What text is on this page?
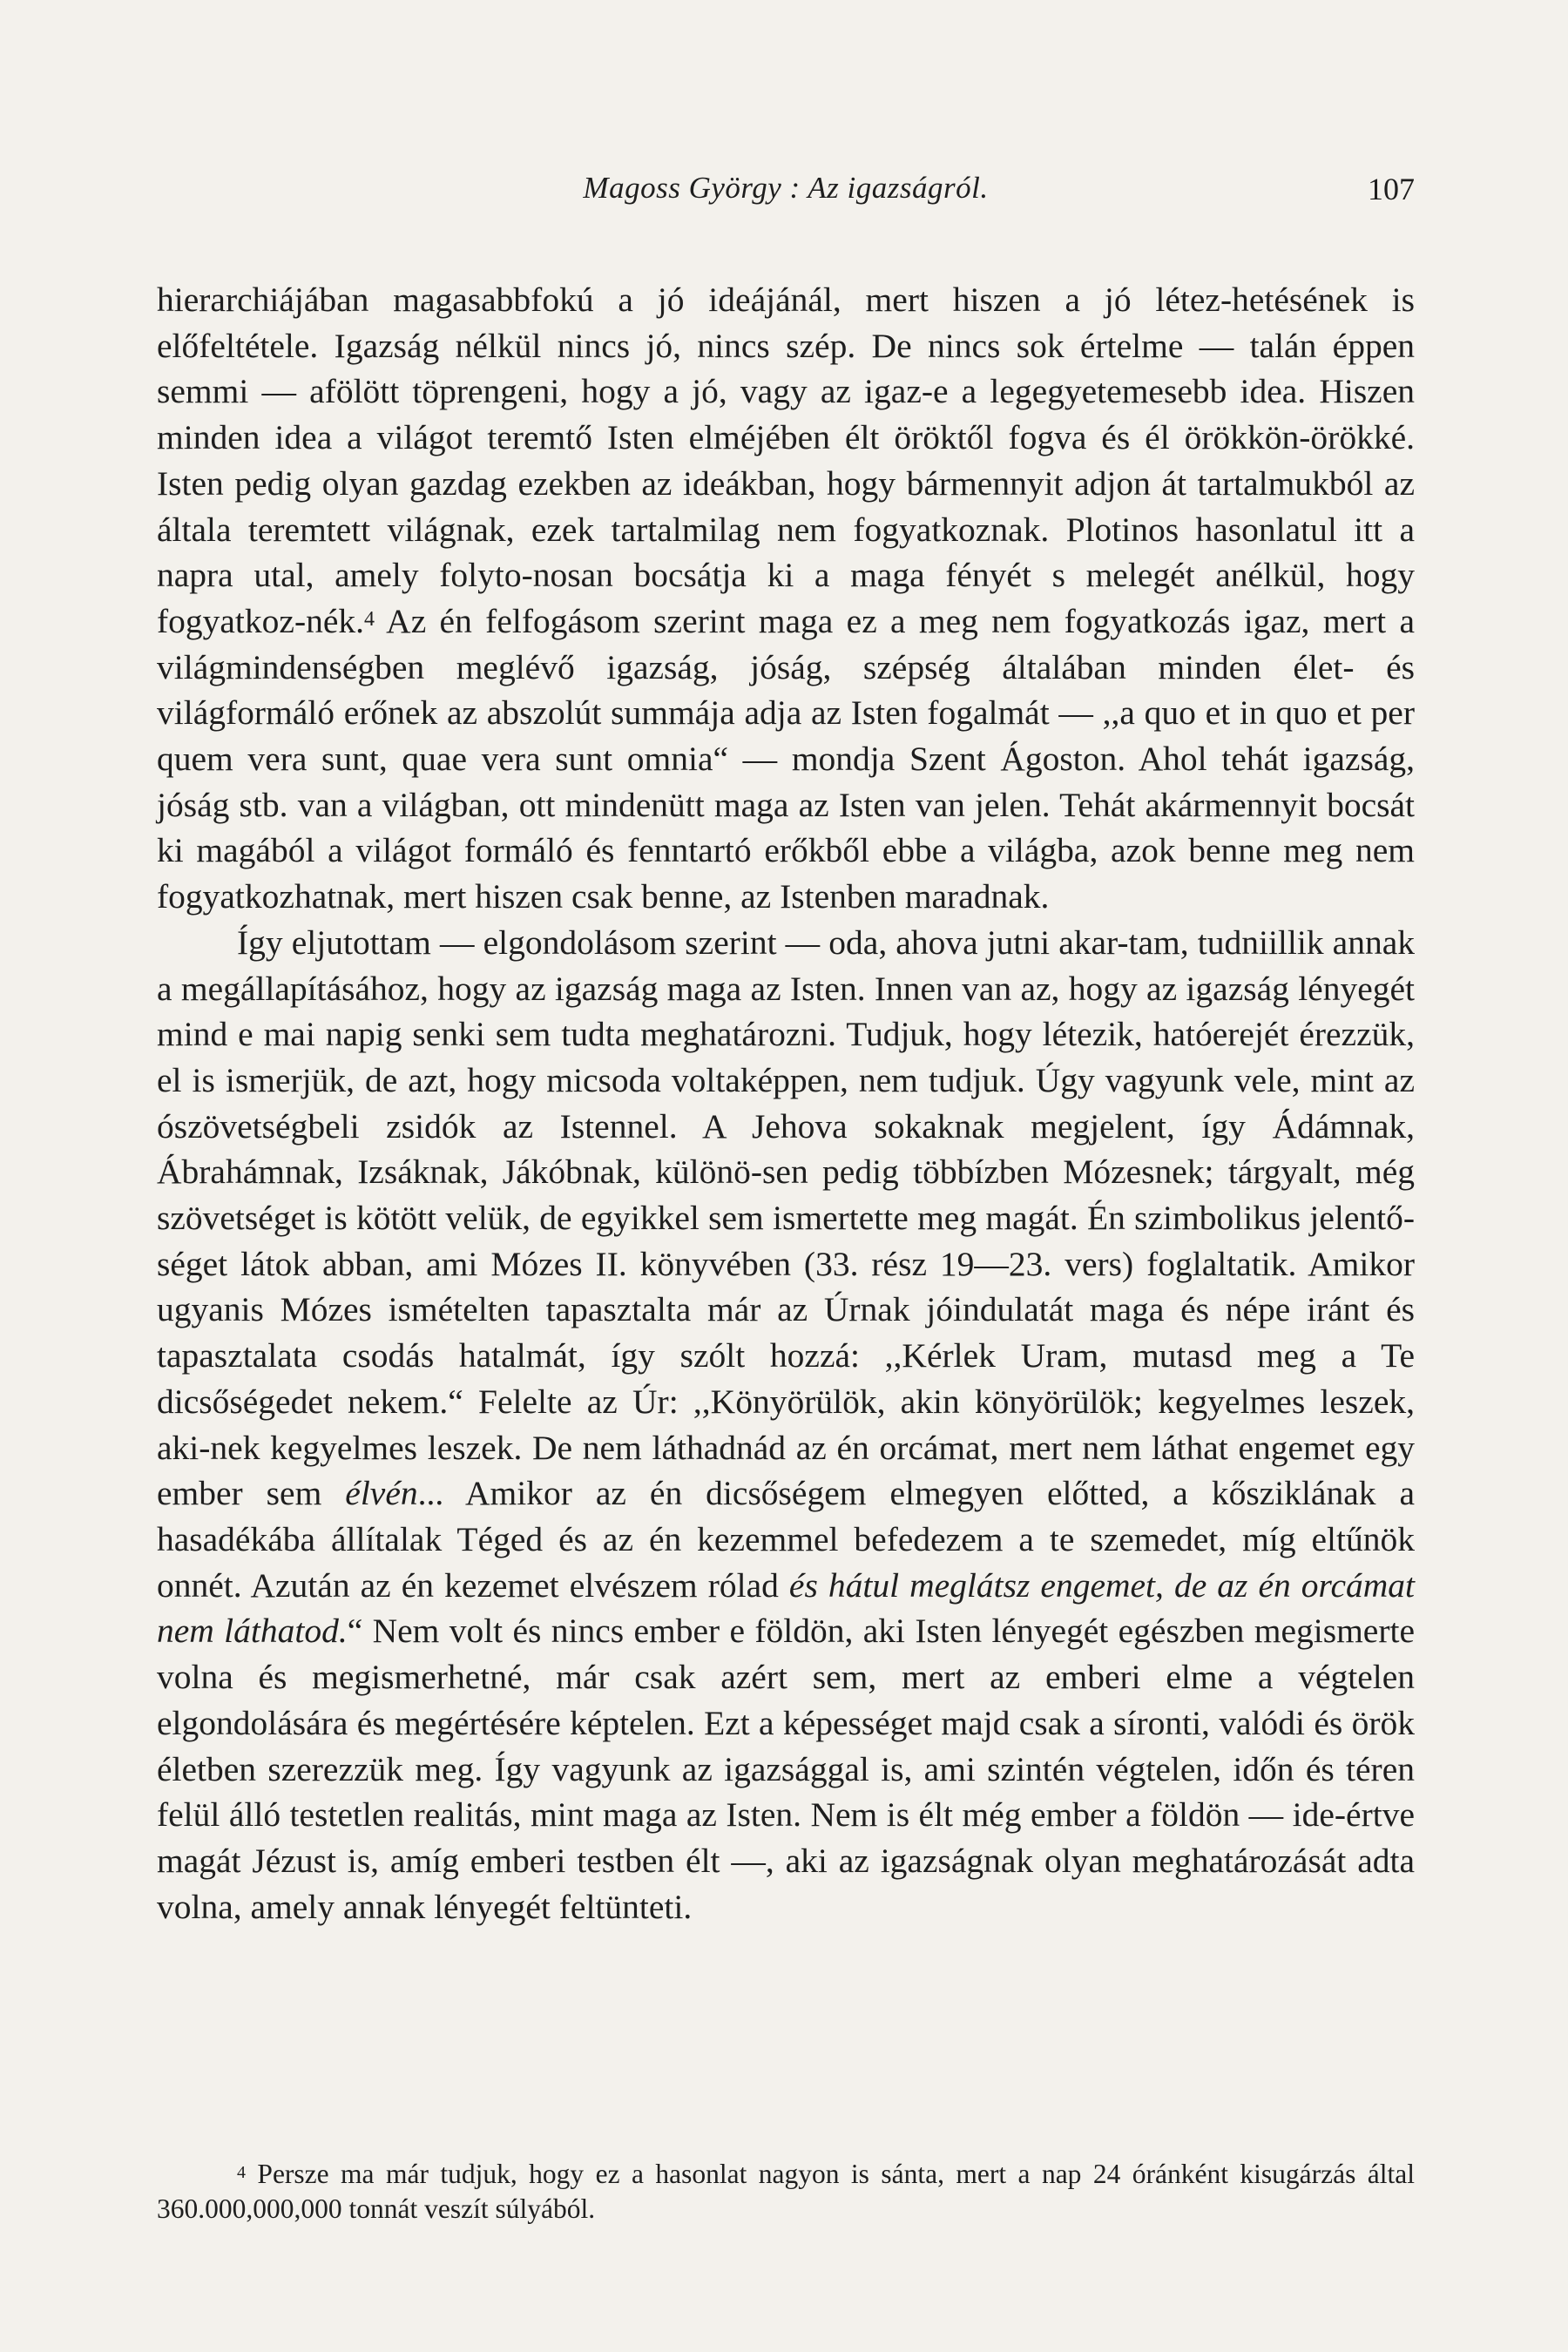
Magoss György : Az igazságról.	107

hierarchiájában magasabbfokú a jó ideájánál, mert hiszen a jó létez-hetésének is előfeltétele. Igazság nélkül nincs jó, nincs szép. De nincs sok értelme — talán éppen semmi — afölött töprengeni, hogy a jó, vagy az igaz-e a legegyetemesebb idea. Hiszen minden idea a világot teremtő Isten elméjében élt öröktől fogva és él örökkön-örökké. Isten pedig olyan gazdag ezekben az ideákban, hogy bármennyit adjon át tartalmukból az általa teremtett világnak, ezek tartalmilag nem fogyatkoznak. Plotinos hasonlatul itt a napra utal, amely folyto-nosan bocsátja ki a maga fényét s melegét anélkül, hogy fogyatkoz-nék.$^4$ Az én felfogásom szerint maga ez a meg nem fogyatkozás igaz, mert a világmindenségben meglévő igazság, jóság, szépség általában minden élet- és világformáló erőnek az abszolút summája adja az Isten fogalmát — ,,a quo et in quo et per quem vera sunt, quae vera sunt omnia“ — mondja Szent Ágoston. Ahol tehát igazság, jóság stb. van a világban, ott mindenütt maga az Isten van jelen. Tehát akármennyit bocsát ki magából a világot formáló és fenntartó erőkből ebbe a világba, azok benne meg nem fogyatkozhatnak, mert hiszen csak benne, az Istenben maradnak.

Így eljutottam — elgondolásom szerint — oda, ahova jutni akar-tam, tudniillik annak a megállapításához, hogy az igazság maga az Isten. Innen van az, hogy az igazság lényegét mind e mai napig senki sem tudta meghatározni. Tudjuk, hogy létezik, hatóerejét érezzük, el is ismerjük, de azt, hogy micsoda voltaképpen, nem tudjuk. Úgy vagyunk vele, mint az ószövetségbeli zsidók az Istennel. A Jehova sokaknak megjelent, így Ádámnak, Ábrahámnak, Izsáknak, Jákóbnak, különö-sen pedig többízben Mózesnek; tárgyalt, még szövetséget is kötött velük, de egyikkel sem ismertette meg magát. Én szimbolikus jelentő-séget látok abban, ami Mózes II. könyvében (33. rész 19—23. vers) foglaltatik. Amikor ugyanis Mózes ismételten tapasztalta már az Úrnak jóindulatát maga és népe iránt és tapasztalata csodás hatalmát, így szólt hozzá: ,,Kérlek Uram, mutasd meg a Te dicsőségedet nekem.“ Felelte az Úr: ,,Könyörülök, akin könyörülök; kegyelmes leszek, aki-nek kegyelmes leszek. De nem láthadnád az én orcámat, mert nem láthat engemet egy ember sem élvén... Amikor az én dicsőségem elmegyen előtted, a kősziklának a hasadékába állítalak Téged és az én kezemmel befedezem a te szemedet, míg eltűnök onnét. Azután az én kezemet elvészem rólad és hátul meglátsz engemet, de az én orcámat nem láthatod.“ Nem volt és nincs ember e földön, aki Isten lényegét egészben megismerte volna és megismerhetné, már csak azért sem, mert az emberi elme a végtelen elgondolására és megértésére képtelen. Ezt a képességet majd csak a síronti, valódi és örök életben szerezzük meg. Így vagyunk az igazsággal is, ami szintén végtelen, időn és téren felül álló testetlen realitás, mint maga az Isten. Nem is élt még ember a földön — ide-értve magát Jézust is, amíg emberi testben élt —, aki az igazságnak olyan meghatározását adta volna, amely annak lényegét feltünteti.

$^4$ Persze ma már tudjuk, hogy ez a hasonlat nagyon is sánta, mert a nap 24 óránként kisugárzás által 360.000,000,000 tonnát veszít súlyából.
